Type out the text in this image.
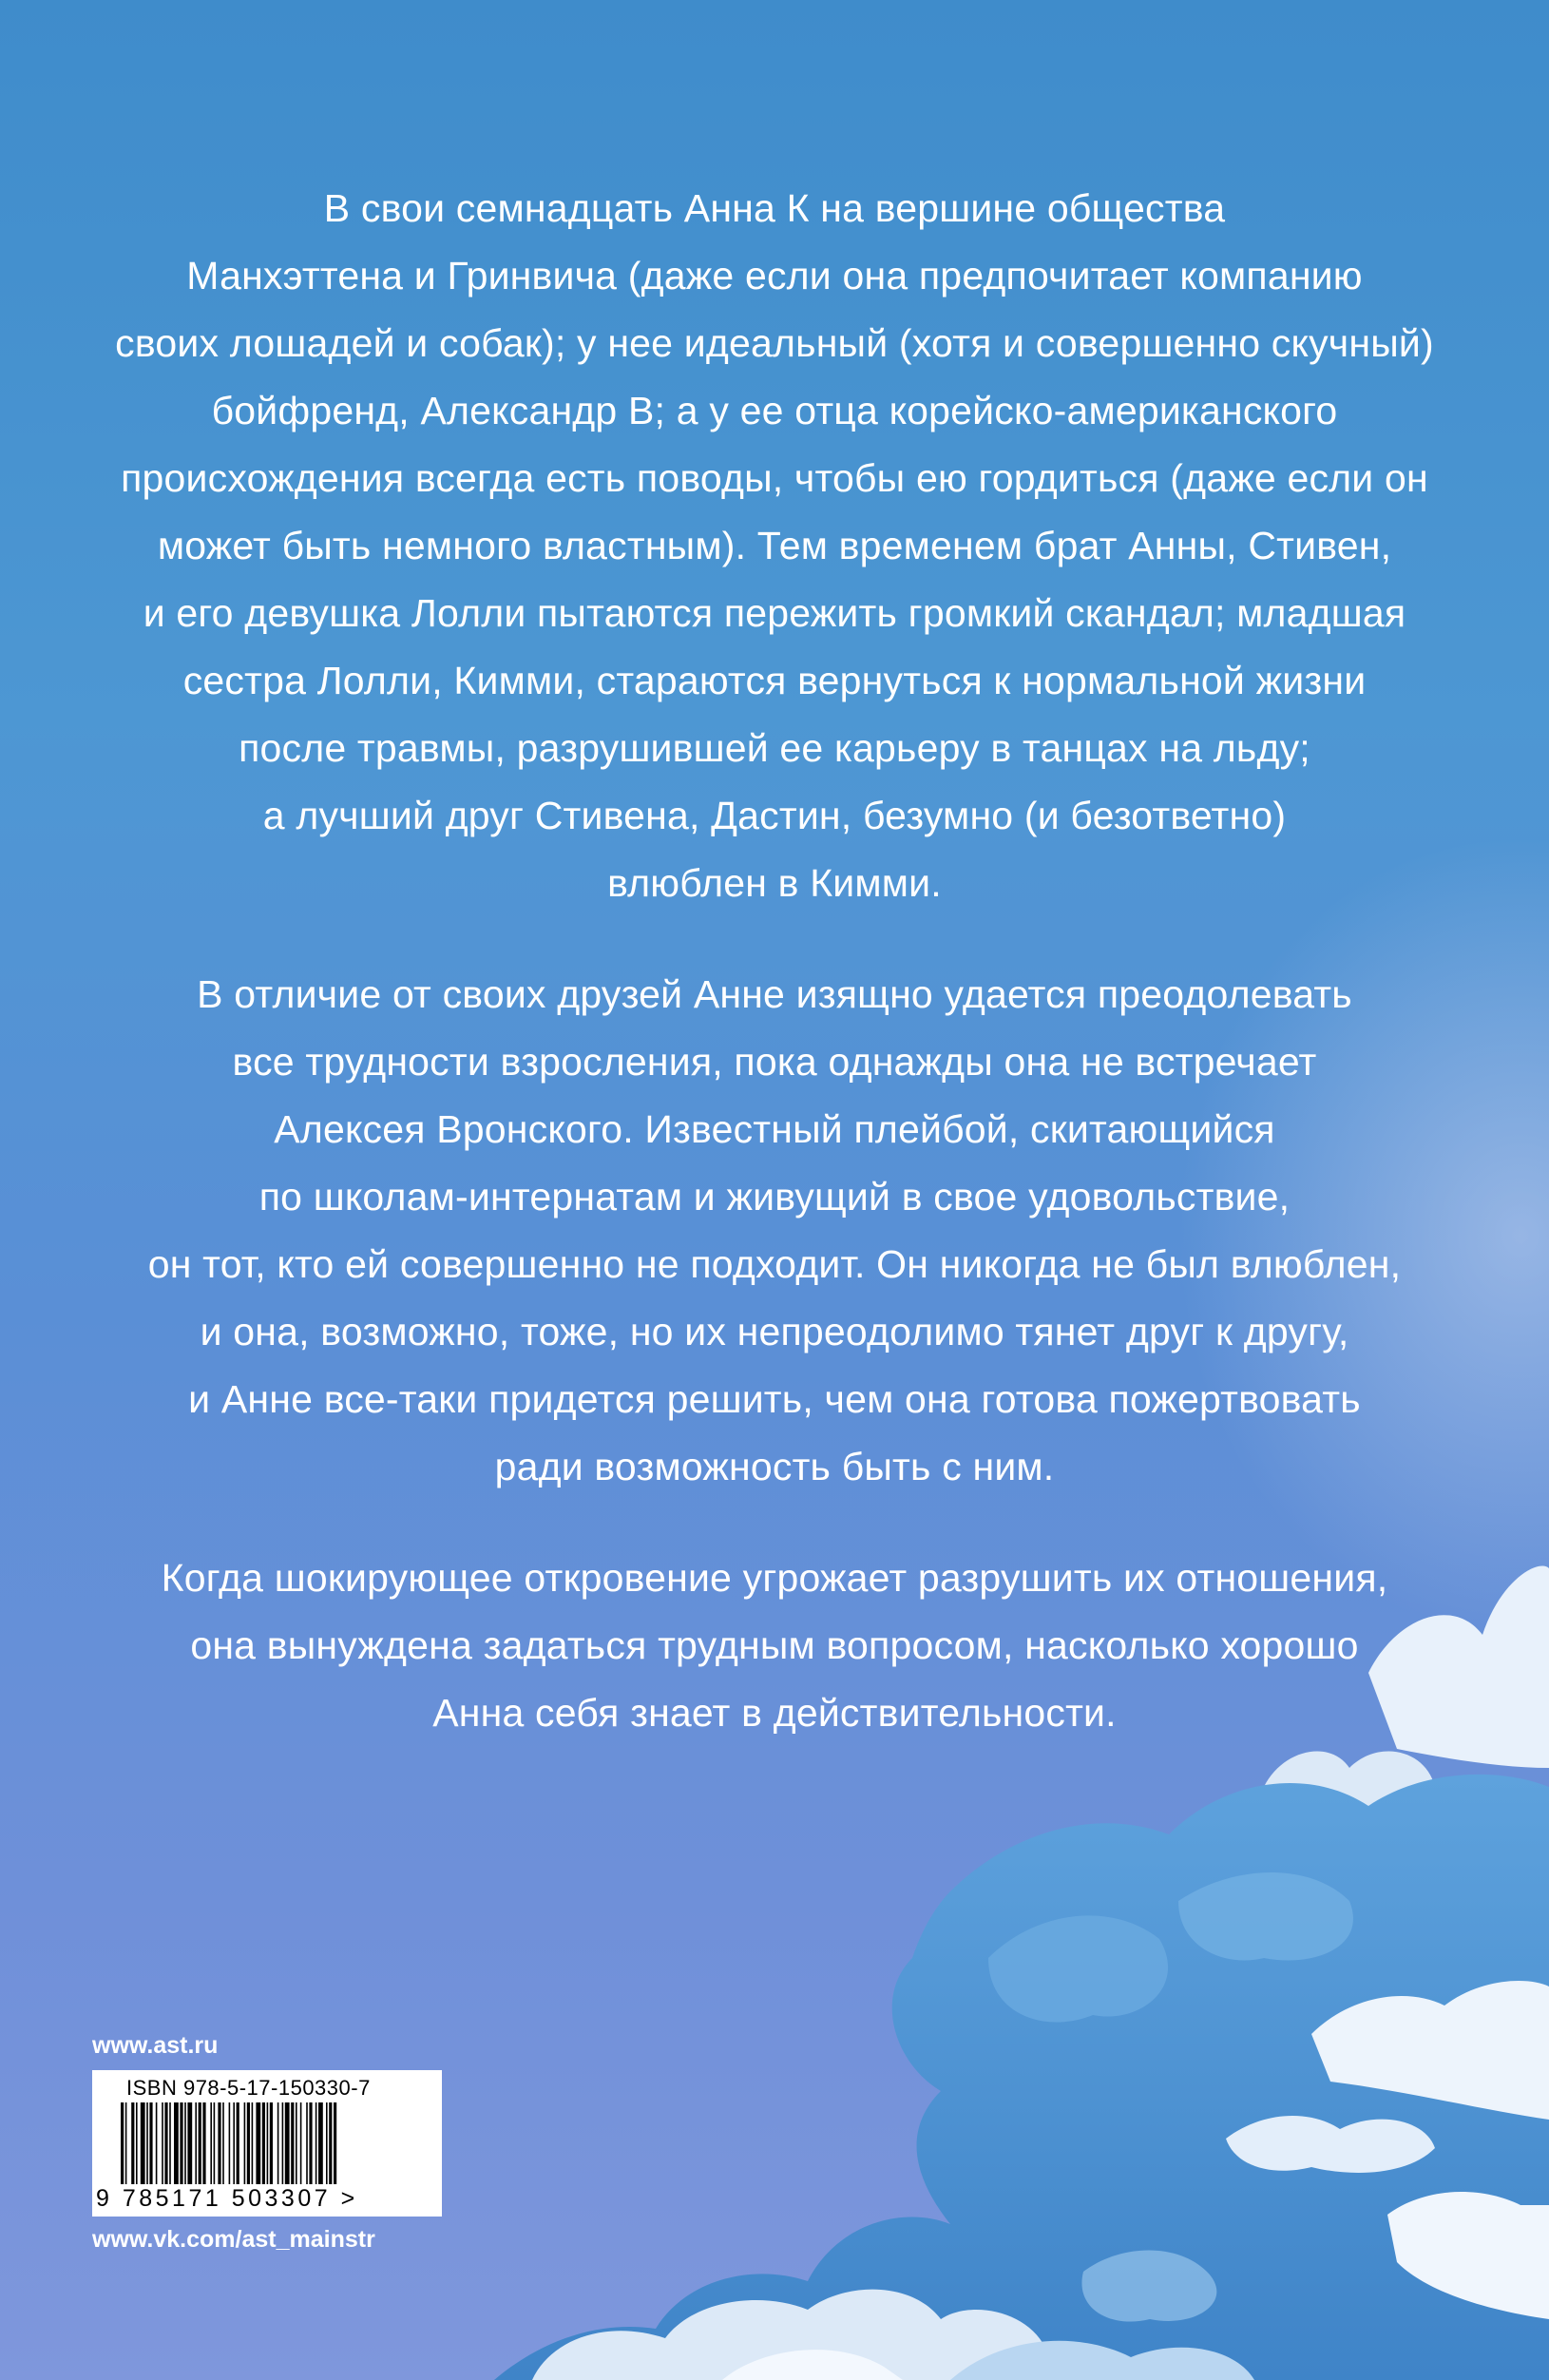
В свои семнадцать Анна К на вершине общества
Манхэттена и Гринвича (даже если она предпочитает компанию
своих лошадей и собак); у нее идеальный (хотя и совершенно скучный)
бойфренд, Александр В; а у ее отца корейско-американского
происхождения всегда есть поводы, чтобы ею гордиться (даже если он
может быть немного властным). Тем временем брат Анны, Стивен,
и его девушка Лолли пытаются пережить громкий скандал; младшая
сестра Лолли, Кимми, стараются вернуться к нормальной жизни
после травмы, разрушившей ее карьеру в танцах на льду;
а лучший друг Стивена, Дастин, безумно (и безответно)
влюблен в Кимми.

В отличие от своих друзей Анне изящно удается преодолевать
все трудности взросления, пока однажды она не встречает
Алексея Вронского. Известный плейбой, скитающийся
по школам-интернатам и живущий в свое удовольствие,
он тот, кто ей совершенно не подходит. Он никогда не был влюблен,
и она, возможно, тоже, но их непреодолимо тянет друг к другу,
и Анне все-таки придется решить, чем она готова пожертвовать
ради возможность быть с ним.

Когда шокирующее откровение угрожает разрушить их отношения,
она вынуждена задаться трудным вопросом, насколько хорошо
Анна себя знает в действительности.

www.ast.ru

ISBN 978-5-17-150330-7

9 785171 503307 >

www.vk.com/ast_mainstr
